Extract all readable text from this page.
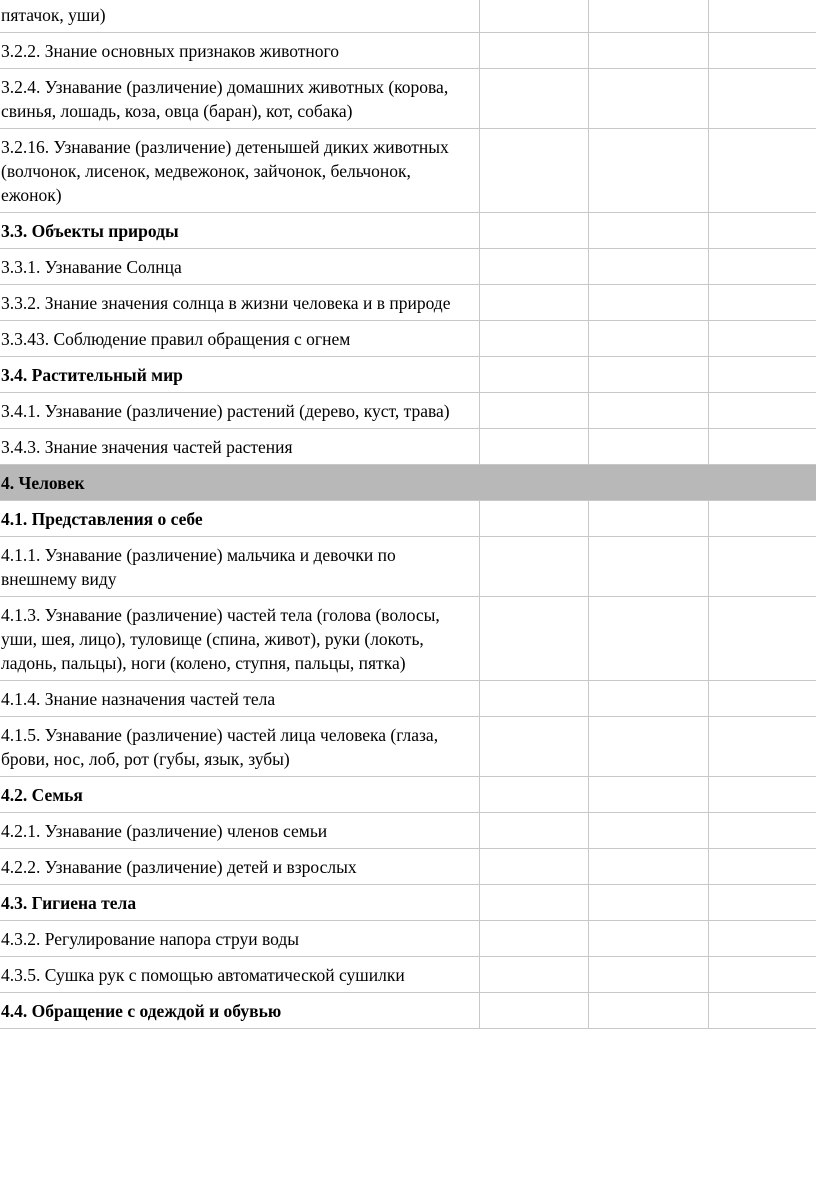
пятачок, уши)			
3.2.2. Знание основных признаков животного			
3.2.4. Узнавание (различение) домашних животных (корова, свинья, лошадь, коза, овца (баран), кот, собака)			
3.2.16. Узнавание (различение) детенышей диких животных (волчонок, лисенок, медвежонок, зайчонок, бельчонок, ежонок)			
3.3. Объекты природы			
3.3.1. Узнавание Солнца			
3.3.2. Знание значения солнца в жизни человека и в природе			
3.3.43. Соблюдение правил обращения с огнем			
3.4. Растительный мир			
3.4.1. Узнавание (различение) растений (дерево, куст, трава)			
3.4.3. Знание значения частей растения			
4. Человек			
4.1. Представления о себе			
4.1.1. Узнавание (различение) мальчика и девочки по внешнему виду			
4.1.3. Узнавание (различение) частей тела (голова (волосы, уши, шея, лицо), туловище (спина, живот), руки (локоть, ладонь, пальцы), ноги (колено, ступня, пальцы, пятка)			
4.1.4. Знание назначения частей тела			
4.1.5. Узнавание (различение) частей лица человека (глаза, брови, нос, лоб, рот (губы, язык, зубы)			
4.2. Семья			
4.2.1. Узнавание (различение) членов семьи			
4.2.2. Узнавание (различение) детей и взрослых			
4.3. Гигиена тела			
4.3.2. Регулирование напора струи воды			
4.3.5. Сушка рук с помощью автоматической сушилки			
4.4. Обращение с одеждой и обувью			
